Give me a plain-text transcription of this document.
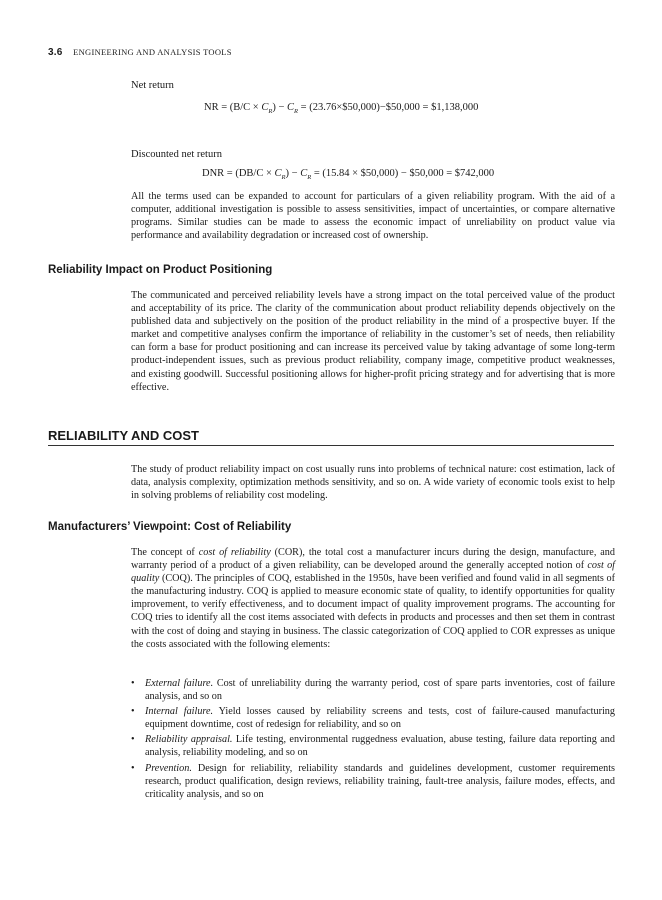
3.6 ENGINEERING AND ANALYSIS TOOLS
Net return
NR = $(B/C \times C_R) - C_R$ = (23.76×$50,000)−$50,000 = $1,138,000
Discounted net return
DNR = $(DB/C \times C_R) - C_R = (15.84$ × $50,000) − $50,000 = $742,000
All the terms used can be expanded to account for particulars of a given reliability program. With the aid of a computer, additional investigation is possible to assess sensitivities, impact of uncertainties, or compare alternative programs. Similar studies can be made to assess the economic impact of unreliability on product value via performance and availability degradation or increased cost of ownership.
Reliability Impact on Product Positioning
The communicated and perceived reliability levels have a strong impact on the total perceived value of the product and acceptability of its price. The clarity of the communication about product reliability depends objectively on the published data and subjectively on the position of the product reliability in the mind of a prospective buyer. If the market and competitive analyses confirm the importance of reliability in the customer’s set of needs, then reliability can form a base for product positioning and can increase its perceived value by taking advantage of some long-term product-independent issues, such as previous product reliability, company image, competitive product weaknesses, and existing goodwill. Successful positioning allows for higher-profit pricing strategy and for advertising that is more effective.
RELIABILITY AND COST
The study of product reliability impact on cost usually runs into problems of technical nature: cost estimation, lack of data, analysis complexity, optimization methods sensitivity, and so on. A wide variety of economic tools exist to help in solving problems of reliability cost modeling.
Manufacturers’ Viewpoint: Cost of Reliability
The concept of cost of reliability (COR), the total cost a manufacturer incurs during the design, manufacture, and warranty period of a product of a given reliability, can be developed around the generally accepted notion of cost of quality (COQ). The principles of COQ, established in the 1950s, have been verified and found valid in all segments of the manufacturing industry. COQ is applied to measure economic state of quality, to identify opportunities for quality improvement, to verify effectiveness, and to document impact of quality improvement programs. The accounting for COQ tries to identify all the cost items associated with defects in products and processes and then set them in contrast with the cost of doing and staying in business. The classic categorization of COQ applied to COR expresses as unique the costs associated with the following elements:
• External failure. Cost of unreliability during the warranty period, cost of spare parts inventories, cost of failure analysis, and so on
• Internal failure. Yield losses caused by reliability screens and tests, cost of failure-caused manufacturing equipment downtime, cost of redesign for reliability, and so on
• Reliability appraisal. Life testing, environmental ruggedness evaluation, abuse testing, failure data reporting and analysis, reliability modeling, and so on
• Prevention. Design for reliability, reliability standards and guidelines development, customer requirements research, product qualification, design reviews, reliability training, fault-tree analysis, failure modes, effects, and criticality analysis, and so on
